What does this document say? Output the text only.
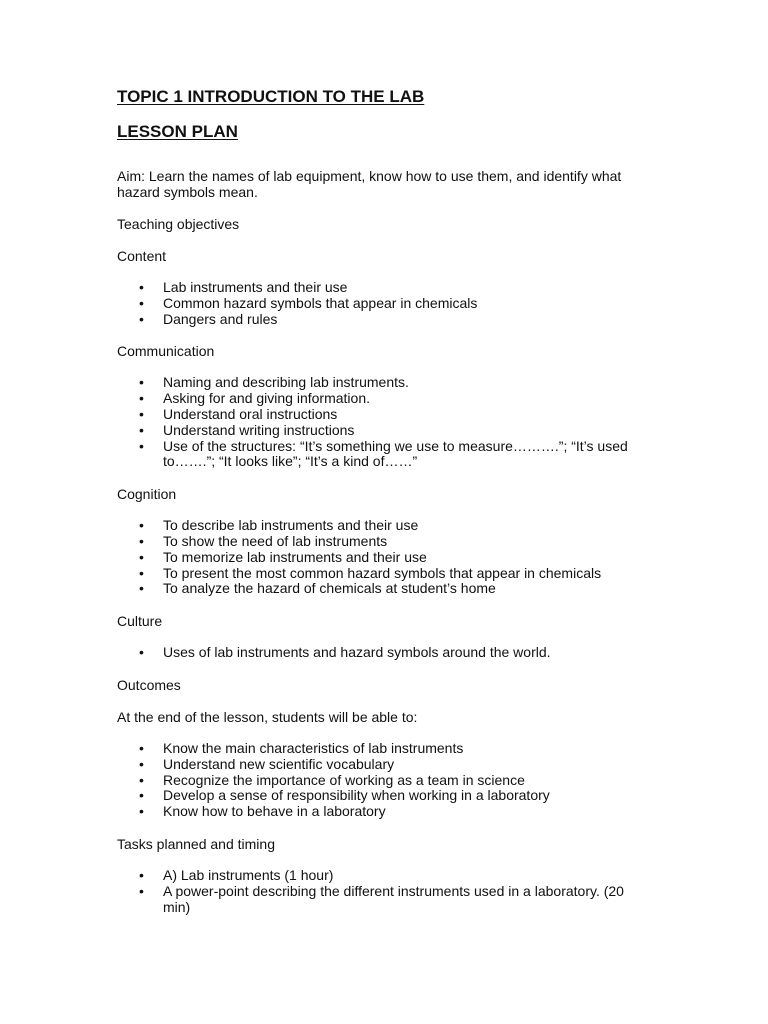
TOPIC 1 INTRODUCTION TO THE LAB
LESSON PLAN

Aim: Learn the names of lab equipment, know how to use them, and identify what hazard symbols mean.

Teaching objectives

Content

• Lab instruments and their use
• Common hazard symbols that appear in chemicals
• Dangers and rules

Communication

• Naming and describing lab instruments.
• Asking for and giving information.
• Understand oral instructions
• Understand writing instructions
• Use of the structures: “It’s something we use to measure……….”; “It’s used to…….”; “It looks like”; “It’s a kind of……”

Cognition

• To describe lab instruments and their use
• To show the need of lab instruments
• To memorize lab instruments and their use
• To present the most common hazard symbols that appear in chemicals
• To analyze the hazard of chemicals at student’s home

Culture

• Uses of lab instruments and hazard symbols around the world.

Outcomes

At the end of the lesson, students will be able to:

• Know the main characteristics of lab instruments
• Understand new scientific vocabulary
• Recognize the importance of working as a team in science
• Develop a sense of responsibility when working in a laboratory
• Know how to behave in a laboratory

Tasks planned and timing

• A) Lab instruments (1 hour)
• A power-point describing the different instruments used in a laboratory. (20 min)
